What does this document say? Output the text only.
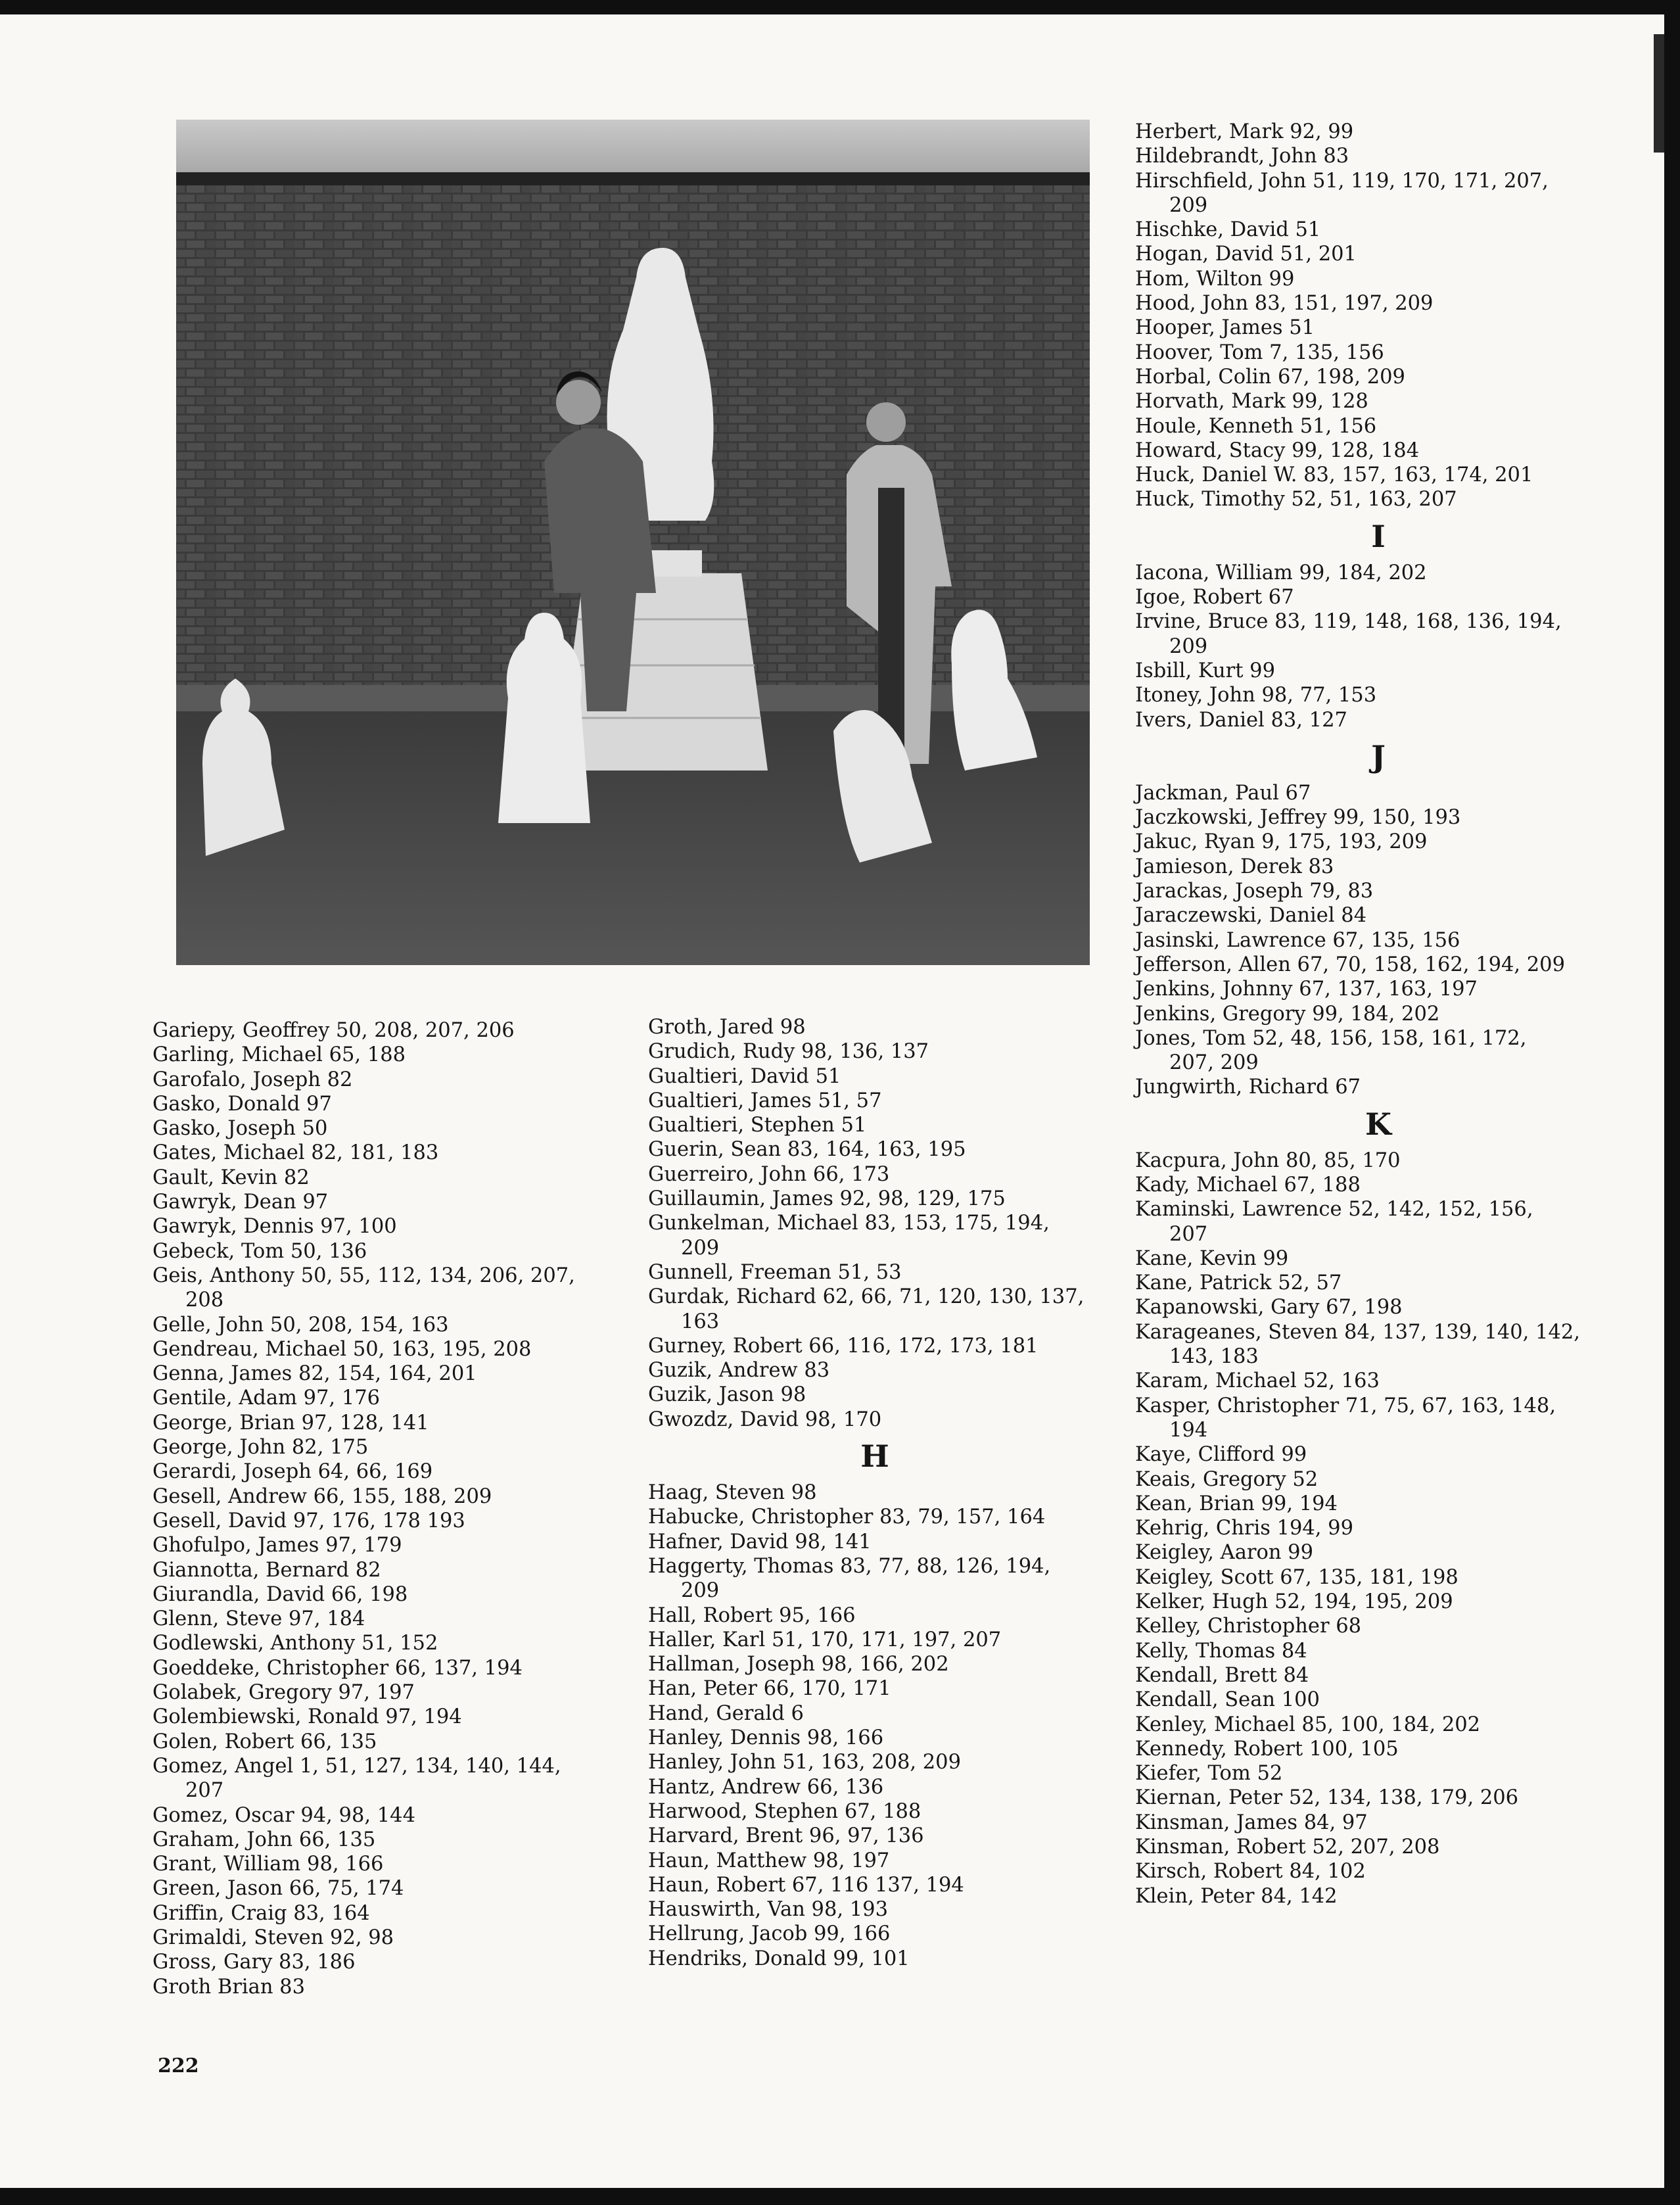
Gariepy, Geoffrey 50, 208, 207, 206
Garling, Michael 65, 188
Garofalo, Joseph 82
Gasko, Donald 97
Gasko, Joseph 50
Gates, Michael 82, 181, 183
Gault, Kevin 82
Gawryk, Dean 97
Gawryk, Dennis 97, 100
Gebeck, Tom 50, 136
Geis, Anthony 50, 55, 112, 134, 206, 207,
208
Gelle, John 50, 208, 154, 163
Gendreau, Michael 50, 163, 195, 208
Genna, James 82, 154, 164, 201
Gentile, Adam 97, 176
George, Brian 97, 128, 141
George, John 82, 175
Gerardi, Joseph 64, 66, 169
Gesell, Andrew 66, 155, 188, 209
Gesell, David 97, 176, 178 193
Ghofulpo, James 97, 179
Giannotta, Bernard 82
Giurandla, David 66, 198
Glenn, Steve 97, 184
Godlewski, Anthony 51, 152
Goeddeke, Christopher 66, 137, 194
Golabek, Gregory 97, 197
Golembiewski, Ronald 97, 194
Golen, Robert 66, 135
Gomez, Angel 1, 51, 127, 134, 140, 144,
207
Gomez, Oscar 94, 98, 144
Graham, John 66, 135
Grant, William 98, 166
Green, Jason 66, 75, 174
Griffin, Craig 83, 164
Grimaldi, Steven 92, 98
Gross, Gary 83, 186
Groth Brian 83
Groth, Jared 98
Grudich, Rudy 98, 136, 137
Gualtieri, David 51
Gualtieri, James 51, 57
Gualtieri, Stephen 51
Guerin, Sean 83, 164, 163, 195
Guerreiro, John 66, 173
Guillaumin, James 92, 98, 129, 175
Gunkelman, Michael 83, 153, 175, 194,
209
Gunnell, Freeman 51, 53
Gurdak, Richard 62, 66, 71, 120, 130, 137,
163
Gurney, Robert 66, 116, 172, 173, 181
Guzik, Andrew 83
Guzik, Jason 98
Gwozdz, David 98, 170
H
Haag, Steven 98
Habucke, Christopher 83, 79, 157, 164
Hafner, David 98, 141
Haggerty, Thomas 83, 77, 88, 126, 194,
209
Hall, Robert 95, 166
Haller, Karl 51, 170, 171, 197, 207
Hallman, Joseph 98, 166, 202
Han, Peter 66, 170, 171
Hand, Gerald 6
Hanley, Dennis 98, 166
Hanley, John 51, 163, 208, 209
Hantz, Andrew 66, 136
Harwood, Stephen 67, 188
Harvard, Brent 96, 97, 136
Haun, Matthew 98, 197
Haun, Robert 67, 116 137, 194
Hauswirth, Van 98, 193
Hellrung, Jacob 99, 166
Hendriks, Donald 99, 101
Herbert, Mark 92, 99
Hildebrandt, John 83
Hirschfield, John 51, 119, 170, 171, 207,
209
Hischke, David 51
Hogan, David 51, 201
Hom, Wilton 99
Hood, John 83, 151, 197, 209
Hooper, James 51
Hoover, Tom 7, 135, 156
Horbal, Colin 67, 198, 209
Horvath, Mark 99, 128
Houle, Kenneth 51, 156
Howard, Stacy 99, 128, 184
Huck, Daniel W. 83, 157, 163, 174, 201
Huck, Timothy 52, 51, 163, 207
I
Iacona, William 99, 184, 202
Igoe, Robert 67
Irvine, Bruce 83, 119, 148, 168, 136, 194,
209
Isbill, Kurt 99
Itoney, John 98, 77, 153
Ivers, Daniel 83, 127
J
Jackman, Paul 67
Jaczkowski, Jeffrey 99, 150, 193
Jakuc, Ryan 9, 175, 193, 209
Jamieson, Derek 83
Jarackas, Joseph 79, 83
Jaraczewski, Daniel 84
Jasinski, Lawrence 67, 135, 156
Jefferson, Allen 67, 70, 158, 162, 194, 209
Jenkins, Johnny 67, 137, 163, 197
Jenkins, Gregory 99, 184, 202
Jones, Tom 52, 48, 156, 158, 161, 172,
207, 209
Jungwirth, Richard 67
K
Kacpura, John 80, 85, 170
Kady, Michael 67, 188
Kaminski, Lawrence 52, 142, 152, 156,
207
Kane, Kevin 99
Kane, Patrick 52, 57
Kapanowski, Gary 67, 198
Karageanes, Steven 84, 137, 139, 140, 142,
143, 183
Karam, Michael 52, 163
Kasper, Christopher 71, 75, 67, 163, 148,
194
Kaye, Clifford 99
Keais, Gregory 52
Kean, Brian 99, 194
Kehrig, Chris 194, 99
Keigley, Aaron 99
Keigley, Scott 67, 135, 181, 198
Kelker, Hugh 52, 194, 195, 209
Kelley, Christopher 68
Kelly, Thomas 84
Kendall, Brett 84
Kendall, Sean 100
Kenley, Michael 85, 100, 184, 202
Kennedy, Robert 100, 105
Kiefer, Tom 52
Kiernan, Peter 52, 134, 138, 179, 206
Kinsman, James 84, 97
Kinsman, Robert 52, 207, 208
Kirsch, Robert 84, 102
Klein, Peter 84, 142
222
